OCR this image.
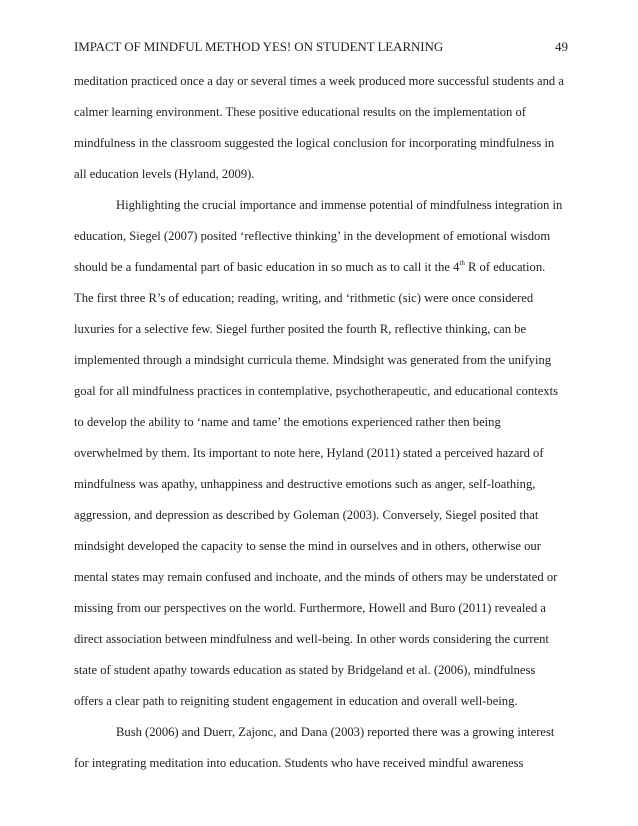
IMPACT OF MINDFUL METHOD YES! ON STUDENT LEARNING	49
meditation practiced once a day or several times a week produced more successful students and a
calmer learning environment. These positive educational results on the implementation of
mindfulness in the classroom suggested the logical conclusion for incorporating mindfulness in
all education levels (Hyland, 2009).
Highlighting the crucial importance and immense potential of mindfulness integration in
education, Siegel (2007) posited ‘reflective thinking’ in the development of emotional wisdom
should be a fundamental part of basic education in so much as to call it the 4th R of education.
The first three R’s of education; reading, writing, and ‘rithmetic (sic) were once considered
luxuries for a selective few. Siegel further posited the fourth R, reflective thinking, can be
implemented through a mindsight curricula theme. Mindsight was generated from the unifying
goal for all mindfulness practices in contemplative, psychotherapeutic, and educational contexts
to develop the ability to ‘name and tame’ the emotions experienced rather then being
overwhelmed by them. Its important to note here, Hyland (2011) stated a perceived hazard of
mindfulness was apathy, unhappiness and destructive emotions such as anger, self-loathing,
aggression, and depression as described by Goleman (2003). Conversely, Siegel posited that
mindsight developed the capacity to sense the mind in ourselves and in others, otherwise our
mental states may remain confused and inchoate, and the minds of others may be understated or
missing from our perspectives on the world. Furthermore, Howell and Buro (2011) revealed a
direct association between mindfulness and well-being. In other words considering the current
state of student apathy towards education as stated by Bridgeland et al. (2006), mindfulness
offers a clear path to reigniting student engagement in education and overall well-being.
Bush (2006) and Duerr, Zajonc, and Dana (2003) reported there was a growing interest
for integrating meditation into education. Students who have received mindful awareness
